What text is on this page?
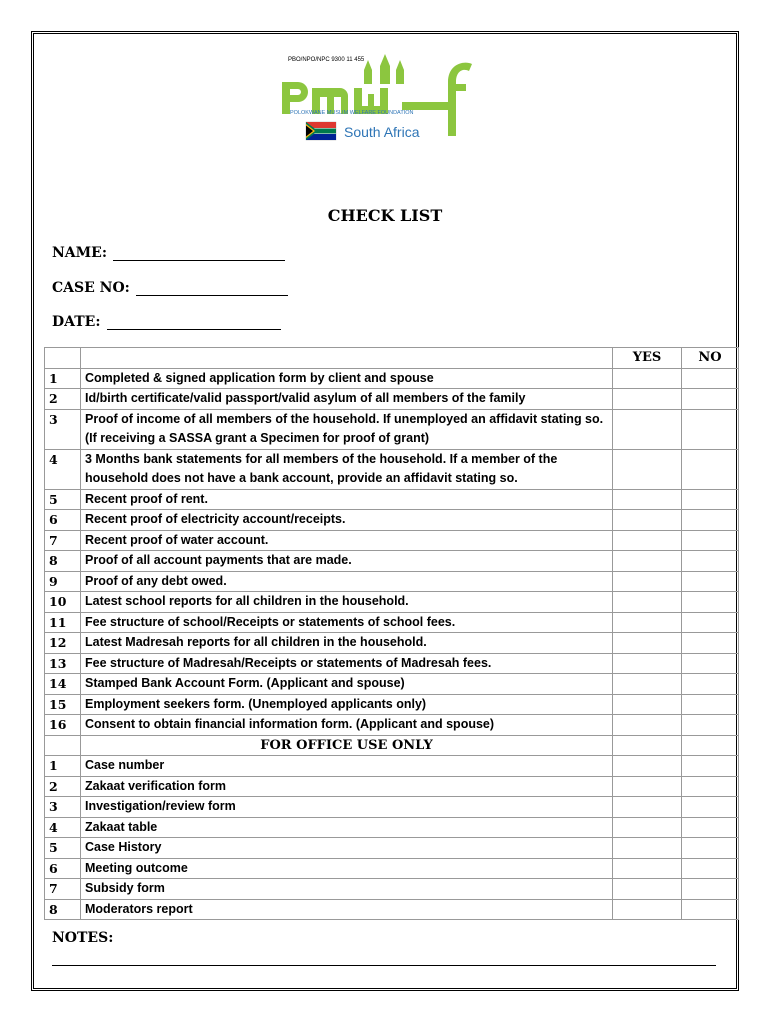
PBO/NPO/NPC 9300 11 455
POLOKWANE MUSLIM WELFARE FOUNDATION
South Africa
CHECK LIST
NAME:
CASE NO:
DATE:
		YES	NO
1	Completed & signed application form by client and spouse		
2	Id/birth certificate/valid passport/valid asylum of all members of the family		
3	Proof of income of all members of the household. If unemployed an affidavit stating so. (If receiving a SASSA grant a Specimen for proof of grant)		
4	3 Months bank statements for all members of the household. If a member of the household does not have a bank account, provide an affidavit stating so.		
5	Recent proof of rent.		
6	Recent proof of electricity account/receipts.		
7	Recent proof of water account.		
8	Proof of all account payments that are made.		
9	Proof of any debt owed.		
10	Latest school reports for all children in the household.		
11	Fee structure of school/Receipts or statements of school fees.		
12	Latest Madresah reports for all children in the household.		
13	Fee structure of Madresah/Receipts or statements of Madresah fees.		
14	Stamped Bank Account Form. (Applicant and spouse)		
15	Employment seekers form. (Unemployed applicants only)		
16	Consent to obtain financial information form. (Applicant and spouse)		
	FOR OFFICE USE ONLY		
1	Case number		
2	Zakaat verification form		
3	Investigation/review form		
4	Zakaat table		
5	Case History		
6	Meeting outcome		
7	Subsidy form		
8	Moderators report		
NOTES:
